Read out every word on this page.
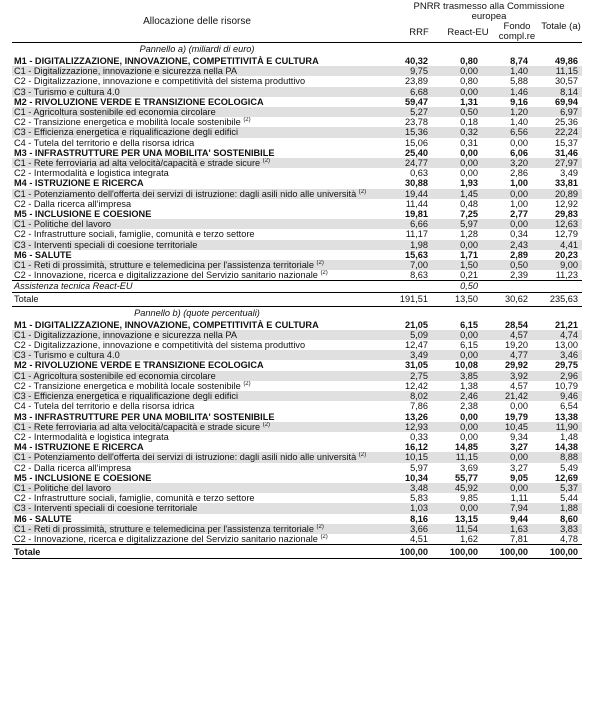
Allocazione delle risorse
PNRR trasmesso alla Commissione europea
RRF	React-EU
Fondo compl.re
Totale (a)
Pannello a) (miliardi di euro)				
M1 - DIGITALIZZAZIONE, INNOVAZIONE, COMPETITIVITÀ E CULTURA	40,32	0,80	8,74	49,86
C1 - Digitalizzazione, innovazione e sicurezza nella PA	9,75	0,00	1,40	11,15
C2 - Digitalizzazione, innovazione e competitività del sistema produttivo	23,89	0,80	5,88	30,57
C3 - Turismo e cultura 4.0	6,68	0,00	1,46	8,14
M2 - RIVOLUZIONE VERDE E TRANSIZIONE ECOLOGICA	59,47	1,31	9,16	69,94
C1 - Agricoltura sostenibile ed economia circolare	5,27	0,50	1,20	6,97
C2 - Transizione energetica e mobilità locale sostenibile $^{(2)}$	23,78	0,18	1,40	25,36
C3 - Efficienza energetica e riqualificazione degli edifici	15,36	0,32	6,56	22,24
C4 - Tutela del territorio e della risorsa idrica	15,06	0,31	0,00	15,37
M3 - INFRASTRUTTURE PER UNA MOBILITA' SOSTENIBILE	25,40	0,00	6,06	31,46
C1 - Rete ferroviaria ad alta velocità/capacità e strade sicure $^{(2)}$	24,77	0,00	3,20	27,97
C2 - Intermodalità e logistica integrata	0,63	0,00	2,86	3,49
M4 - ISTRUZIONE E RICERCA	30,88	1,93	1,00	33,81
C1 - Potenziamento dell'offerta dei servizi di istruzione: dagli asili nido alle università $^{(2)}$	19,44	1,45	0,00	20,89
C2 - Dalla ricerca all'impresa	11,44	0,48	1,00	12,92
M5 - INCLUSIONE E COESIONE	19,81	7,25	2,77	29,83
C1 - Politiche del lavoro	6,66	5,97	0,00	12,63
C2 - Infrastrutture sociali, famiglie, comunità e terzo settore	11,17	1,28	0,34	12,79
C3 - Interventi speciali di coesione territoriale	1,98	0,00	2,43	4,41
M6 - SALUTE	15,63	1,71	2,89	20,23
C1 - Reti di prossimità, strutture e telemedicina per l'assistenza territoriale $^{(2)}$	7,00	1,50	0,50	9,00
C2 - Innovazione, ricerca e digitalizzazione del Servizio sanitario nazionale $^{(2)}$	8,63	0,21	2,39	11,23
Assistenza tecnica React-EU		0,50		
Totale	191,51	13,50	30,62	235,63
Pannello b) (quote percentuali)				
M1 - DIGITALIZZAZIONE, INNOVAZIONE, COMPETITIVITÀ E CULTURA	21,05	6,15	28,54	21,21
C1 - Digitalizzazione, innovazione e sicurezza nella PA	5,09	0,00	4,57	4,74
C2 - Digitalizzazione, innovazione e competitività del sistema produttivo	12,47	6,15	19,20	13,00
C3 - Turismo e cultura 4.0	3,49	0,00	4,77	3,46
M2 - RIVOLUZIONE VERDE E TRANSIZIONE ECOLOGICA	31,05	10,08	29,92	29,75
C1 - Agricoltura sostenibile ed economia circolare	2,75	3,85	3,92	2,96
C2 - Transizione energetica e mobilità locale sostenibile $^{(2)}$	12,42	1,38	4,57	10,79
C3 - Efficienza energetica e riqualificazione degli edifici	8,02	2,46	21,42	9,46
C4 - Tutela del territorio e della risorsa idrica	7,86	2,38	0,00	6,54
M3 - INFRASTRUTTURE PER UNA MOBILITA' SOSTENIBILE	13,26	0,00	19,79	13,38
C1 - Rete ferroviaria ad alta velocità/capacità e strade sicure $^{(2)}$	12,93	0,00	10,45	11,90
C2 - Intermodalità e logistica integrata	0,33	0,00	9,34	1,48
M4 - ISTRUZIONE E RICERCA	16,12	14,85	3,27	14,38
C1 - Potenziamento dell'offerta dei servizi di istruzione: dagli asili nido alle università $^{(2)}$	10,15	11,15	0,00	8,88
C2 - Dalla ricerca all'impresa	5,97	3,69	3,27	5,49
M5 - INCLUSIONE E COESIONE	10,34	55,77	9,05	12,69
C1 - Politiche del lavoro	3,48	45,92	0,00	5,37
C2 - Infrastrutture sociali, famiglie, comunità e terzo settore	5,83	9,85	1,11	5,44
C3 - Interventi speciali di coesione territoriale	1,03	0,00	7,94	1,88
M6 - SALUTE	8,16	13,15	9,44	8,60
C1 - Reti di prossimità, strutture e telemedicina per l'assistenza territoriale $^{(2)}$	3,66	11,54	1,63	3,83
C2 - Innovazione, ricerca e digitalizzazione del Servizio sanitario nazionale $^{(2)}$	4,51	1,62	7,81	4,78
Totale	100,00	100,00	100,00	100,00
